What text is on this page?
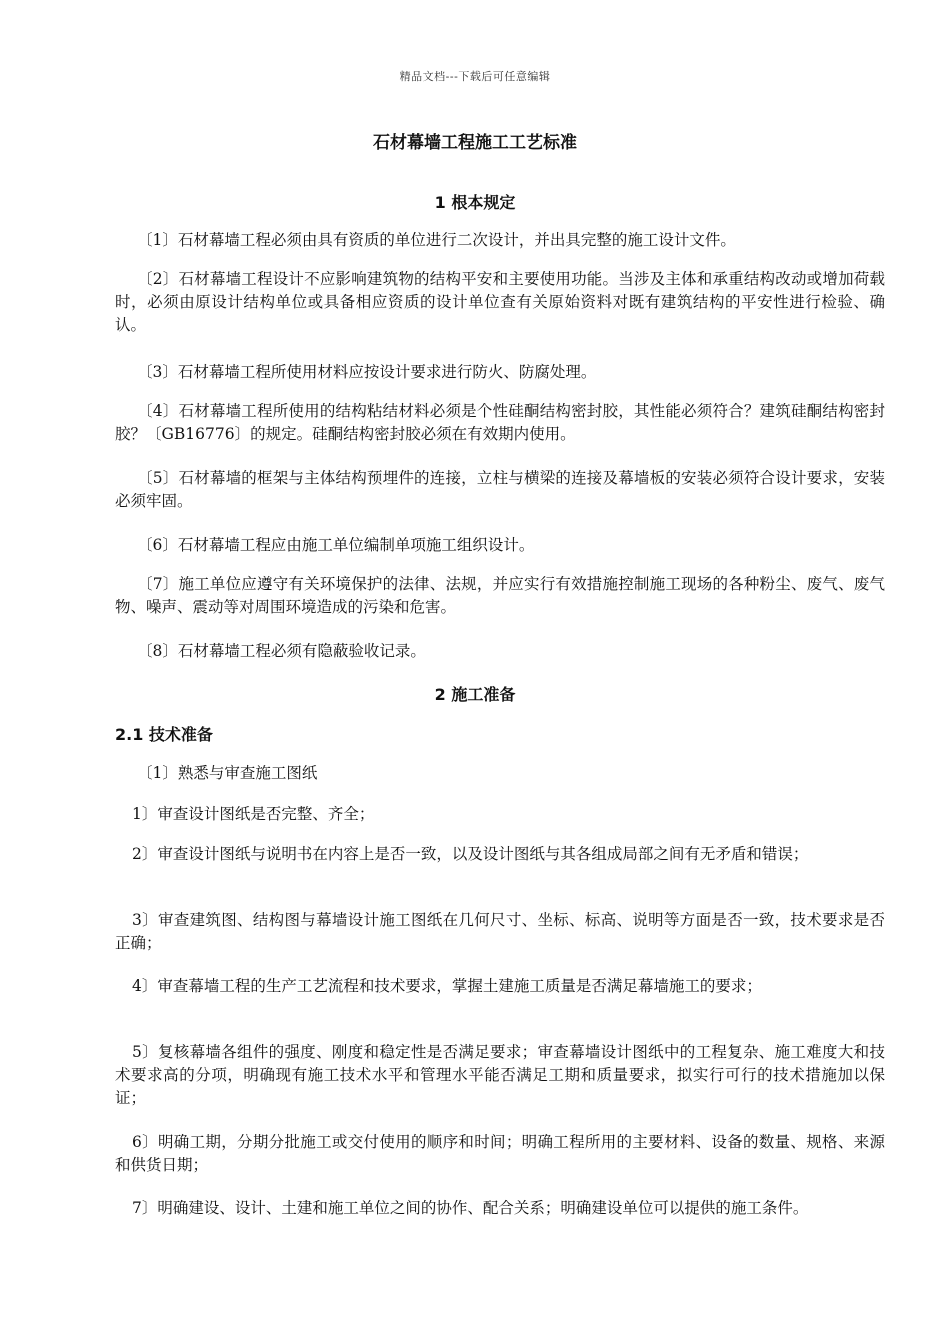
精品文档---下载后可任意编辑
石材幕墙工程施工工艺标准
1 根本规定
〔1〕石材幕墙工程必须由具有资质的单位进行二次设计，并出具完整的施工设计文件。
〔2〕石材幕墙工程设计不应影响建筑物的结构平安和主要使用功能。当涉及主体和承重结构改动或增加荷载时，必须由原设计结构单位或具备相应资质的设计单位查有关原始资料对既有建筑结构的平安性进行检验、确认。
〔3〕石材幕墙工程所使用材料应按设计要求进行防火、防腐处理。
〔4〕石材幕墙工程所使用的结构粘结材料必须是个性硅酮结构密封胶，其性能必须符合？建筑硅酮结构密封胶？〔GB16776〕的规定。硅酮结构密封胶必须在有效期内使用。
〔5〕石材幕墙的框架与主体结构预埋件的连接，立柱与横梁的连接及幕墙板的安装必须符合设计要求，安装必须牢固。
〔6〕石材幕墙工程应由施工单位编制单项施工组织设计。
〔7〕施工单位应遵守有关环境保护的法律、法规，并应实行有效措施控制施工现场的各种粉尘、废气、废气物、噪声、震动等对周围环境造成的污染和危害。
〔8〕石材幕墙工程必须有隐蔽验收记录。
2 施工准备
2.1 技术准备
〔1〕熟悉与审查施工图纸
1〕审查设计图纸是否完整、齐全；
2〕审查设计图纸与说明书在内容上是否一致，以及设计图纸与其各组成局部之间有无矛盾和错误；
3〕审查建筑图、结构图与幕墙设计施工图纸在几何尺寸、坐标、标高、说明等方面是否一致，技术要求是否正确；
4〕审查幕墙工程的生产工艺流程和技术要求，掌握土建施工质量是否满足幕墙施工的要求；
5〕复核幕墙各组件的强度、刚度和稳定性是否满足要求；审查幕墙设计图纸中的工程复杂、施工难度大和技术要求高的分项，明确现有施工技术水平和管理水平能否满足工期和质量要求，拟实行可行的技术措施加以保证；
6〕明确工期，分期分批施工或交付使用的顺序和时间；明确工程所用的主要材料、设备的数量、规格、来源和供货日期；
7〕明确建设、设计、土建和施工单位之间的协作、配合关系；明确建设单位可以提供的施工条件。
